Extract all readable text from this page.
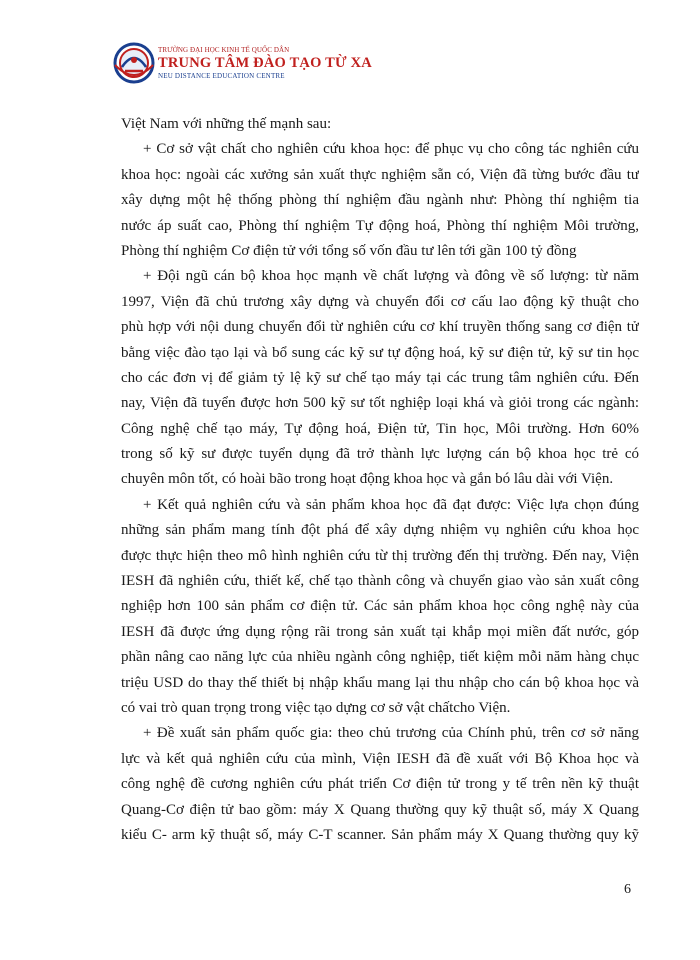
TRƯỜNG ĐẠI HỌC KINH TẾ QUỐC DÂN
TRUNG TÂM ĐÀO TẠO TỪ XA
NEU DISTANCE EDUCATION CENTRE
Việt Nam với những thế mạnh sau:
+ Cơ sở vật chất cho nghiên cứu khoa học: để phục vụ cho công tác nghiên cứu
khoa học: ngoài các xưởng sản xuất thực nghiệm sẵn có, Viện đã từng bước đầu tư
xây dựng một hệ thống phòng thí nghiệm đầu ngành như: Phòng thí nghiệm tia
nước áp suất cao, Phòng thí nghiệm Tự động hoá, Phòng thí nghiệm Môi trường,
Phòng thí nghiệm Cơ điện tử với tổng số vốn đầu tư lên tới gần 100 tỷ đồng
+ Đội ngũ cán bộ khoa học mạnh về chất lượng và đông về số lượng: từ năm
1997, Viện đã chủ trương xây dựng và chuyển đổi cơ cấu lao động kỹ thuật cho
phù hợp với nội dung chuyển đổi từ nghiên cứu cơ khí truyền thống sang cơ điện tử
bằng việc đào tạo lại và bổ sung các kỹ sư tự động hoá, kỹ sư điện tử, kỹ sư tin học
cho các đơn vị để giảm tỷ lệ kỹ sư chế tạo máy tại các trung tâm nghiên cứu. Đến
nay, Viện đã tuyển được hơn 500 kỹ sư tốt nghiệp loại khá và giỏi trong các ngành:
Công nghệ chế tạo máy, Tự động hoá, Điện tử, Tin học, Môi trường. Hơn 60%
trong số kỹ sư được tuyển dụng đã trở thành lực lượng cán bộ khoa học trẻ có
chuyên môn tốt, có hoài bão trong hoạt động khoa học và gắn bó lâu dài với Viện.
+ Kết quả nghiên cứu và sản phẩm khoa học đã đạt được: Việc lựa chọn đúng
những sản phẩm mang tính đột phá để xây dựng nhiệm vụ nghiên cứu khoa học
được thực hiện theo mô hình nghiên cứu từ thị trường đến thị trường. Đến nay, Viện
IESH đã nghiên cứu, thiết kế, chế tạo thành công và chuyển giao vào sản xuất công
nghiệp hơn 100 sản phẩm cơ điện tử. Các sản phẩm khoa học công nghệ này của
IESH đã được ứng dụng rộng rãi trong sản xuất tại khắp mọi miền đất nước, góp
phần nâng cao năng lực của nhiều ngành công nghiệp, tiết kiệm mỗi năm hàng chục
triệu USD do thay thế thiết bị nhập khẩu mang lại thu nhập cho cán bộ khoa học và
có vai trò quan trọng trong việc tạo dựng cơ sở vật chấtcho Viện.
+ Đề xuất sản phẩm quốc gia: theo chủ trương của Chính phủ, trên cơ sở năng
lực và kết quả nghiên cứu của mình, Viện IESH đã đề xuất với Bộ Khoa học và
công nghệ đề cương nghiên cứu phát triển Cơ điện tử trong y tế trên nền kỹ thuật
Quang-Cơ điện tử bao gồm: máy X Quang thường quy kỹ thuật số, máy X Quang
kiểu C- arm kỹ thuật số, máy C-T scanner. Sản phẩm máy X Quang thường quy kỹ
6
